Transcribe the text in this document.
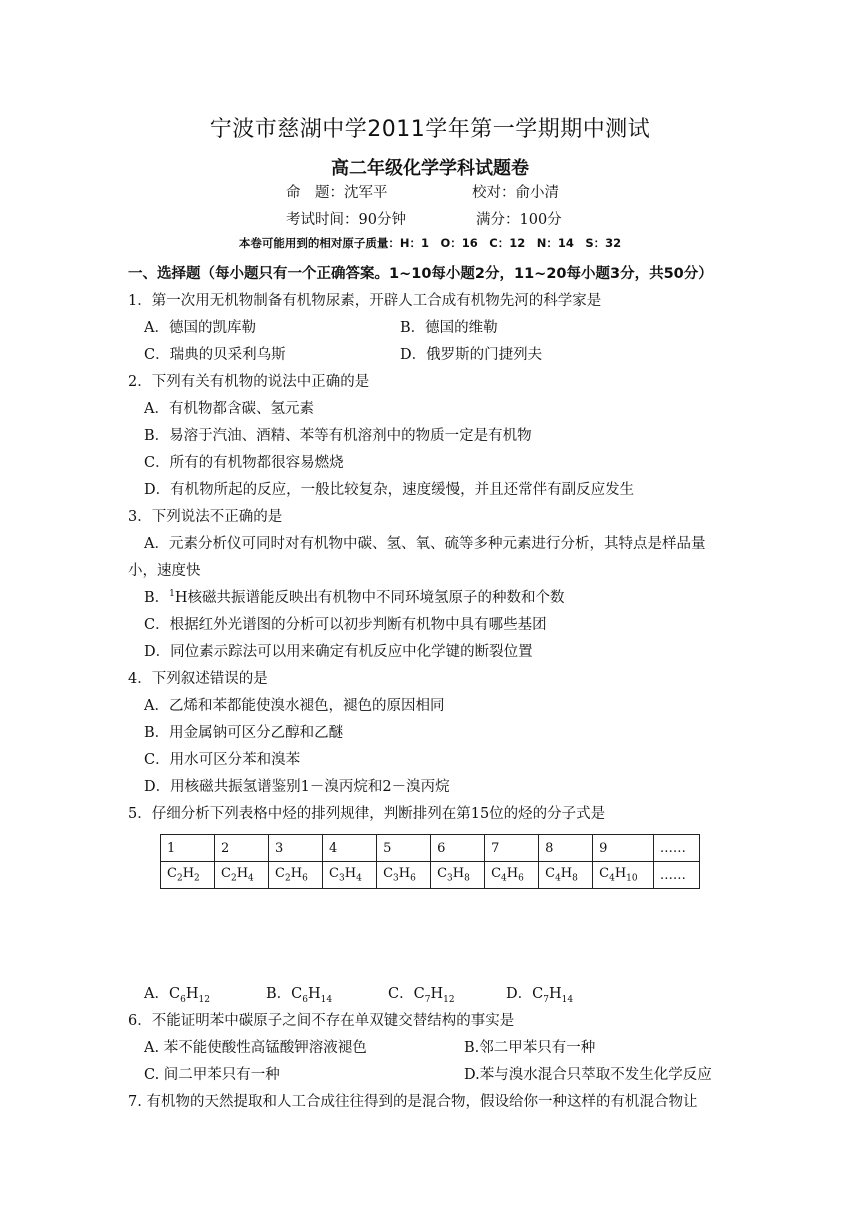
宁波市慈湖中学2011学年第一学期期中测试
高二年级化学学科试题卷
命　题：沈军平	校对：俞小清
考试时间：90分钟	满分：100分
本卷可能用到的相对原子质量：H：1　O：16　C：12　N：14　S：32
一、选择题（每小题只有一个正确答案。1~10每小题2分，11~20每小题3分，共50分）
1．第一次用无机物制备有机物尿素，开辟人工合成有机物先河的科学家是
A．德国的凯库勒	B．德国的维勒
C．瑞典的贝采利乌斯	D．俄罗斯的门捷列夫
2．下列有关有机物的说法中正确的是
A．有机物都含碳、氢元素
B．易溶于汽油、酒精、苯等有机溶剂中的物质一定是有机物
C．所有的有机物都很容易燃烧
D．有机物所起的反应，一般比较复杂，速度缓慢，并且还常伴有副反应发生
3．下列说法不正确的是
A．元素分析仪可同时对有机物中碳、氢、氧、硫等多种元素进行分析，其特点是样品量
小，速度快
B．$^1$H核磁共振谱能反映出有机物中不同环境氢原子的种数和个数
C．根据红外光谱图的分析可以初步判断有机物中具有哪些基团
D．同位素示踪法可以用来确定有机反应中化学键的断裂位置
4．下列叙述错误的是
A．乙烯和苯都能使溴水褪色，褪色的原因相同
B．用金属钠可区分乙醇和乙醚
C．用水可区分苯和溴苯
D．用核磁共振氢谱鉴别1－溴丙烷和2－溴丙烷
5．仔细分析下列表格中烃的排列规律，判断排列在第15位的烃的分子式是
1	2	3	4	5	6	7	8	9	……
$C_2H_2$	$C_2H_4$	$C_2H_6$	$C_3H_4$	$C_3H_6$	$C_3H_8$	$C_4H_6$	$C_4H_8$	$C_4H_{10}$	……
A．$C_6H_{12}$	B．$C_6H_{14}$	C．$C_7H_{12}$	D．$C_7H_{14}$
6．不能证明苯中碳原子之间不存在单双键交替结构的事实是
A. 苯不能使酸性高锰酸钾溶液褪色	B.邻二甲苯只有一种
C. 间二甲苯只有一种	D.苯与溴水混合只萃取不发生化学反应
7. 有机物的天然提取和人工合成往往得到的是混合物，假设给你一种这样的有机混合物让
